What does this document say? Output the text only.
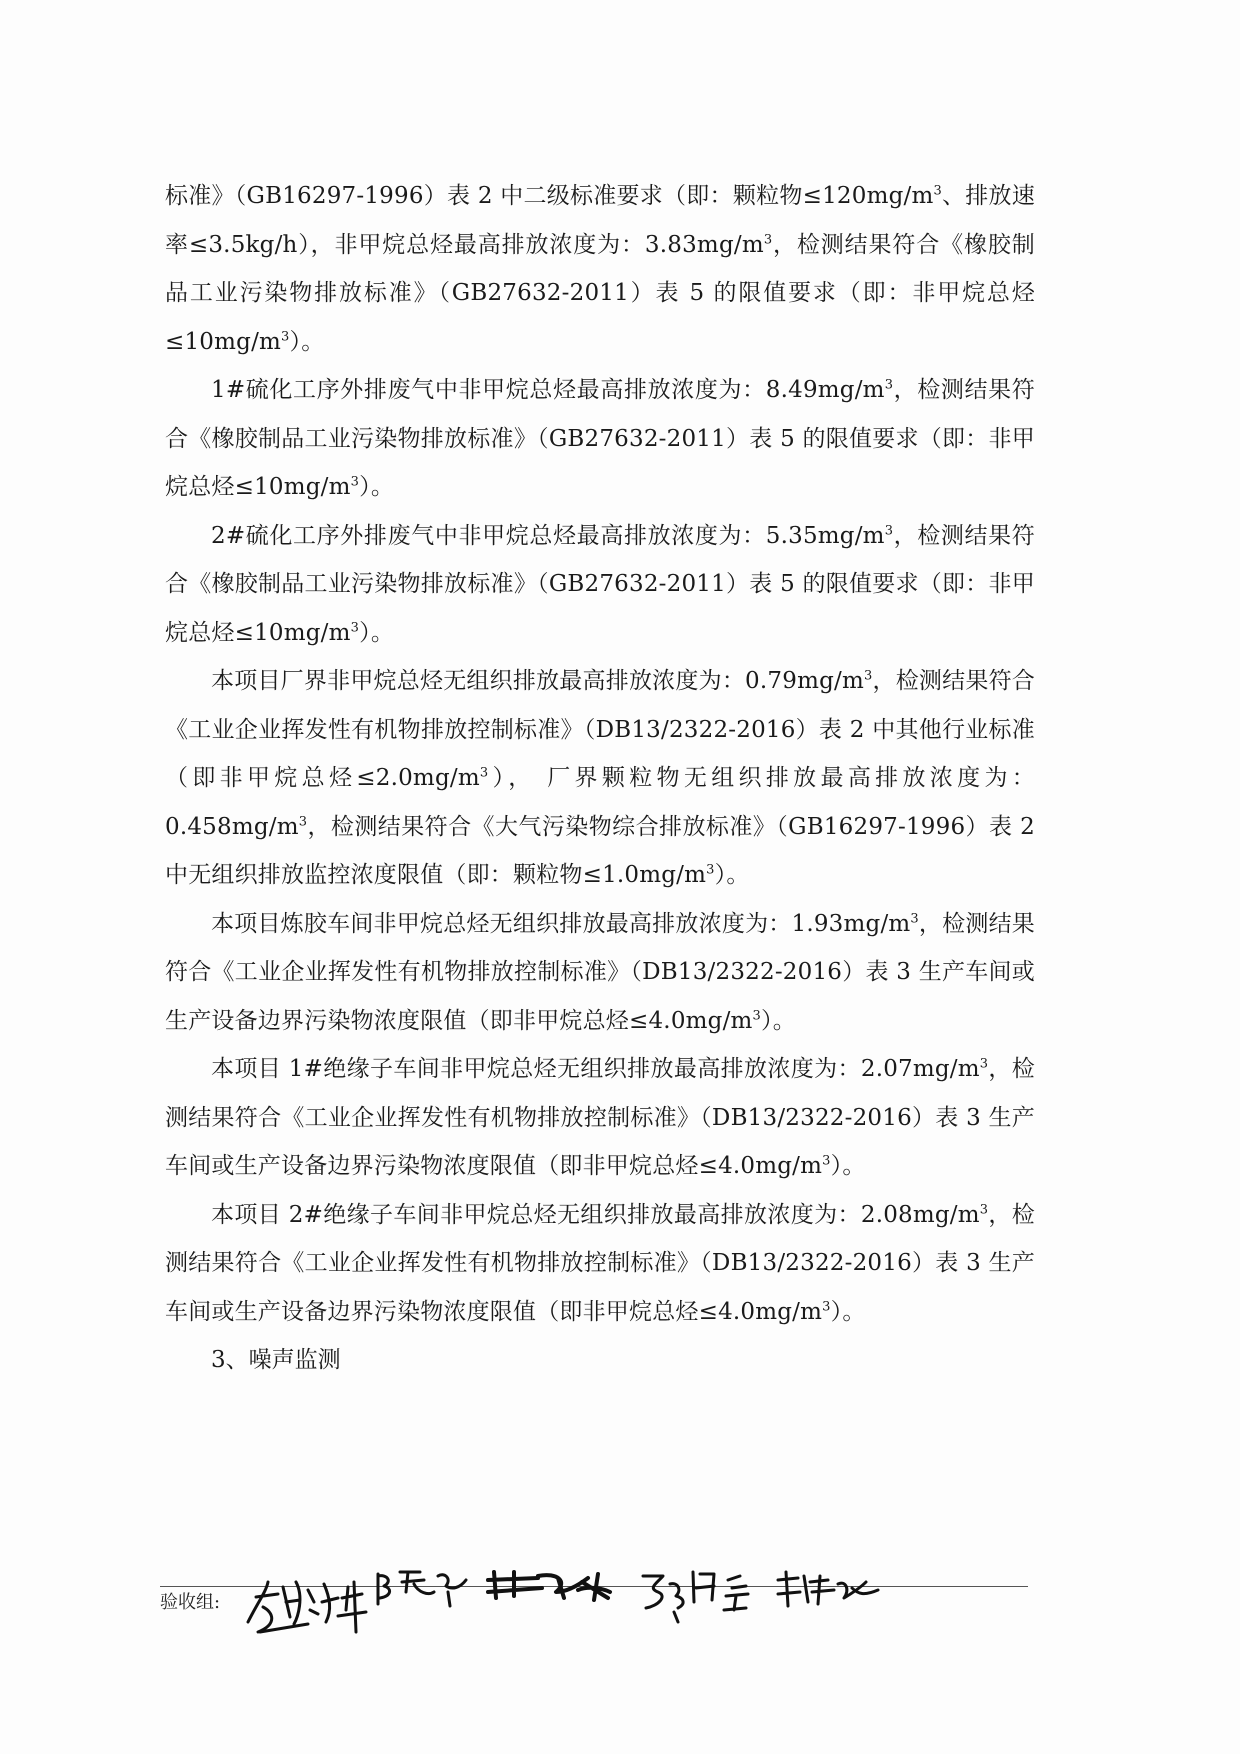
标准》（GB16297-1996）表 2 中二级标准要求（即：颗粒物$\le 120mg/m^3$、排放速率≤3.5kg/h），非甲烷总烃最高排放浓度为：$3.83mg/m^3$，检测结果符合《橡胶制品工业污染物排放标准》（GB27632-2011）表 5 的限值要求（即：非甲烷总烃$\le 10mg/m^3$）。

1#硫化工序外排废气中非甲烷总烃最高排放浓度为：$8.49mg/m^3$，检测结果符合《橡胶制品工业污染物排放标准》（GB27632-2011）表 5 的限值要求（即：非甲烷总烃$\le 10mg/m^3$）。

2#硫化工序外排废气中非甲烷总烃最高排放浓度为：$5.35mg/m^3$，检测结果符合《橡胶制品工业污染物排放标准》（GB27632-2011）表 5 的限值要求（即：非甲烷总烃$\le 10mg/m^3$）。

本项目厂界非甲烷总烃无组织排放最高排放浓度为：$0.79mg/m^3$，检测结果符合《工业企业挥发性有机物排放控制标准》（DB13/2322-2016）表 2 中其他行业标准（即非甲烷总烃$\le 2.0mg/m^3$）， 厂界颗粒物无组织排放最高排放浓度为：$0.458mg/m^3$，检测结果符合《大气污染物综合排放标准》（GB16297-1996）表 2 中无组织排放监控浓度限值（即：颗粒物$\le 1.0mg/m^3$）。

本项目炼胶车间非甲烷总烃无组织排放最高排放浓度为：$1.93mg/m^3$，检测结果符合《工业企业挥发性有机物排放控制标准》（DB13/2322-2016）表 3 生产车间或生产设备边界污染物浓度限值（即非甲烷总烃$\le 4.0mg/m^3$）。

本项目 1#绝缘子车间非甲烷总烃无组织排放最高排放浓度为：$2.07mg/m^3$，检测结果符合《工业企业挥发性有机物排放控制标准》（DB13/2322-2016）表 3 生产车间或生产设备边界污染物浓度限值（即非甲烷总烃$\le 4.0mg/m^3$）。

本项目 2#绝缘子车间非甲烷总烃无组织排放最高排放浓度为：$2.08mg/m^3$，检测结果符合《工业企业挥发性有机物排放控制标准》（DB13/2322-2016）表 3 生产车间或生产设备边界污染物浓度限值（即非甲烷总烃$\le 4.0mg/m^3$）。

3、噪声监测

验收组:
